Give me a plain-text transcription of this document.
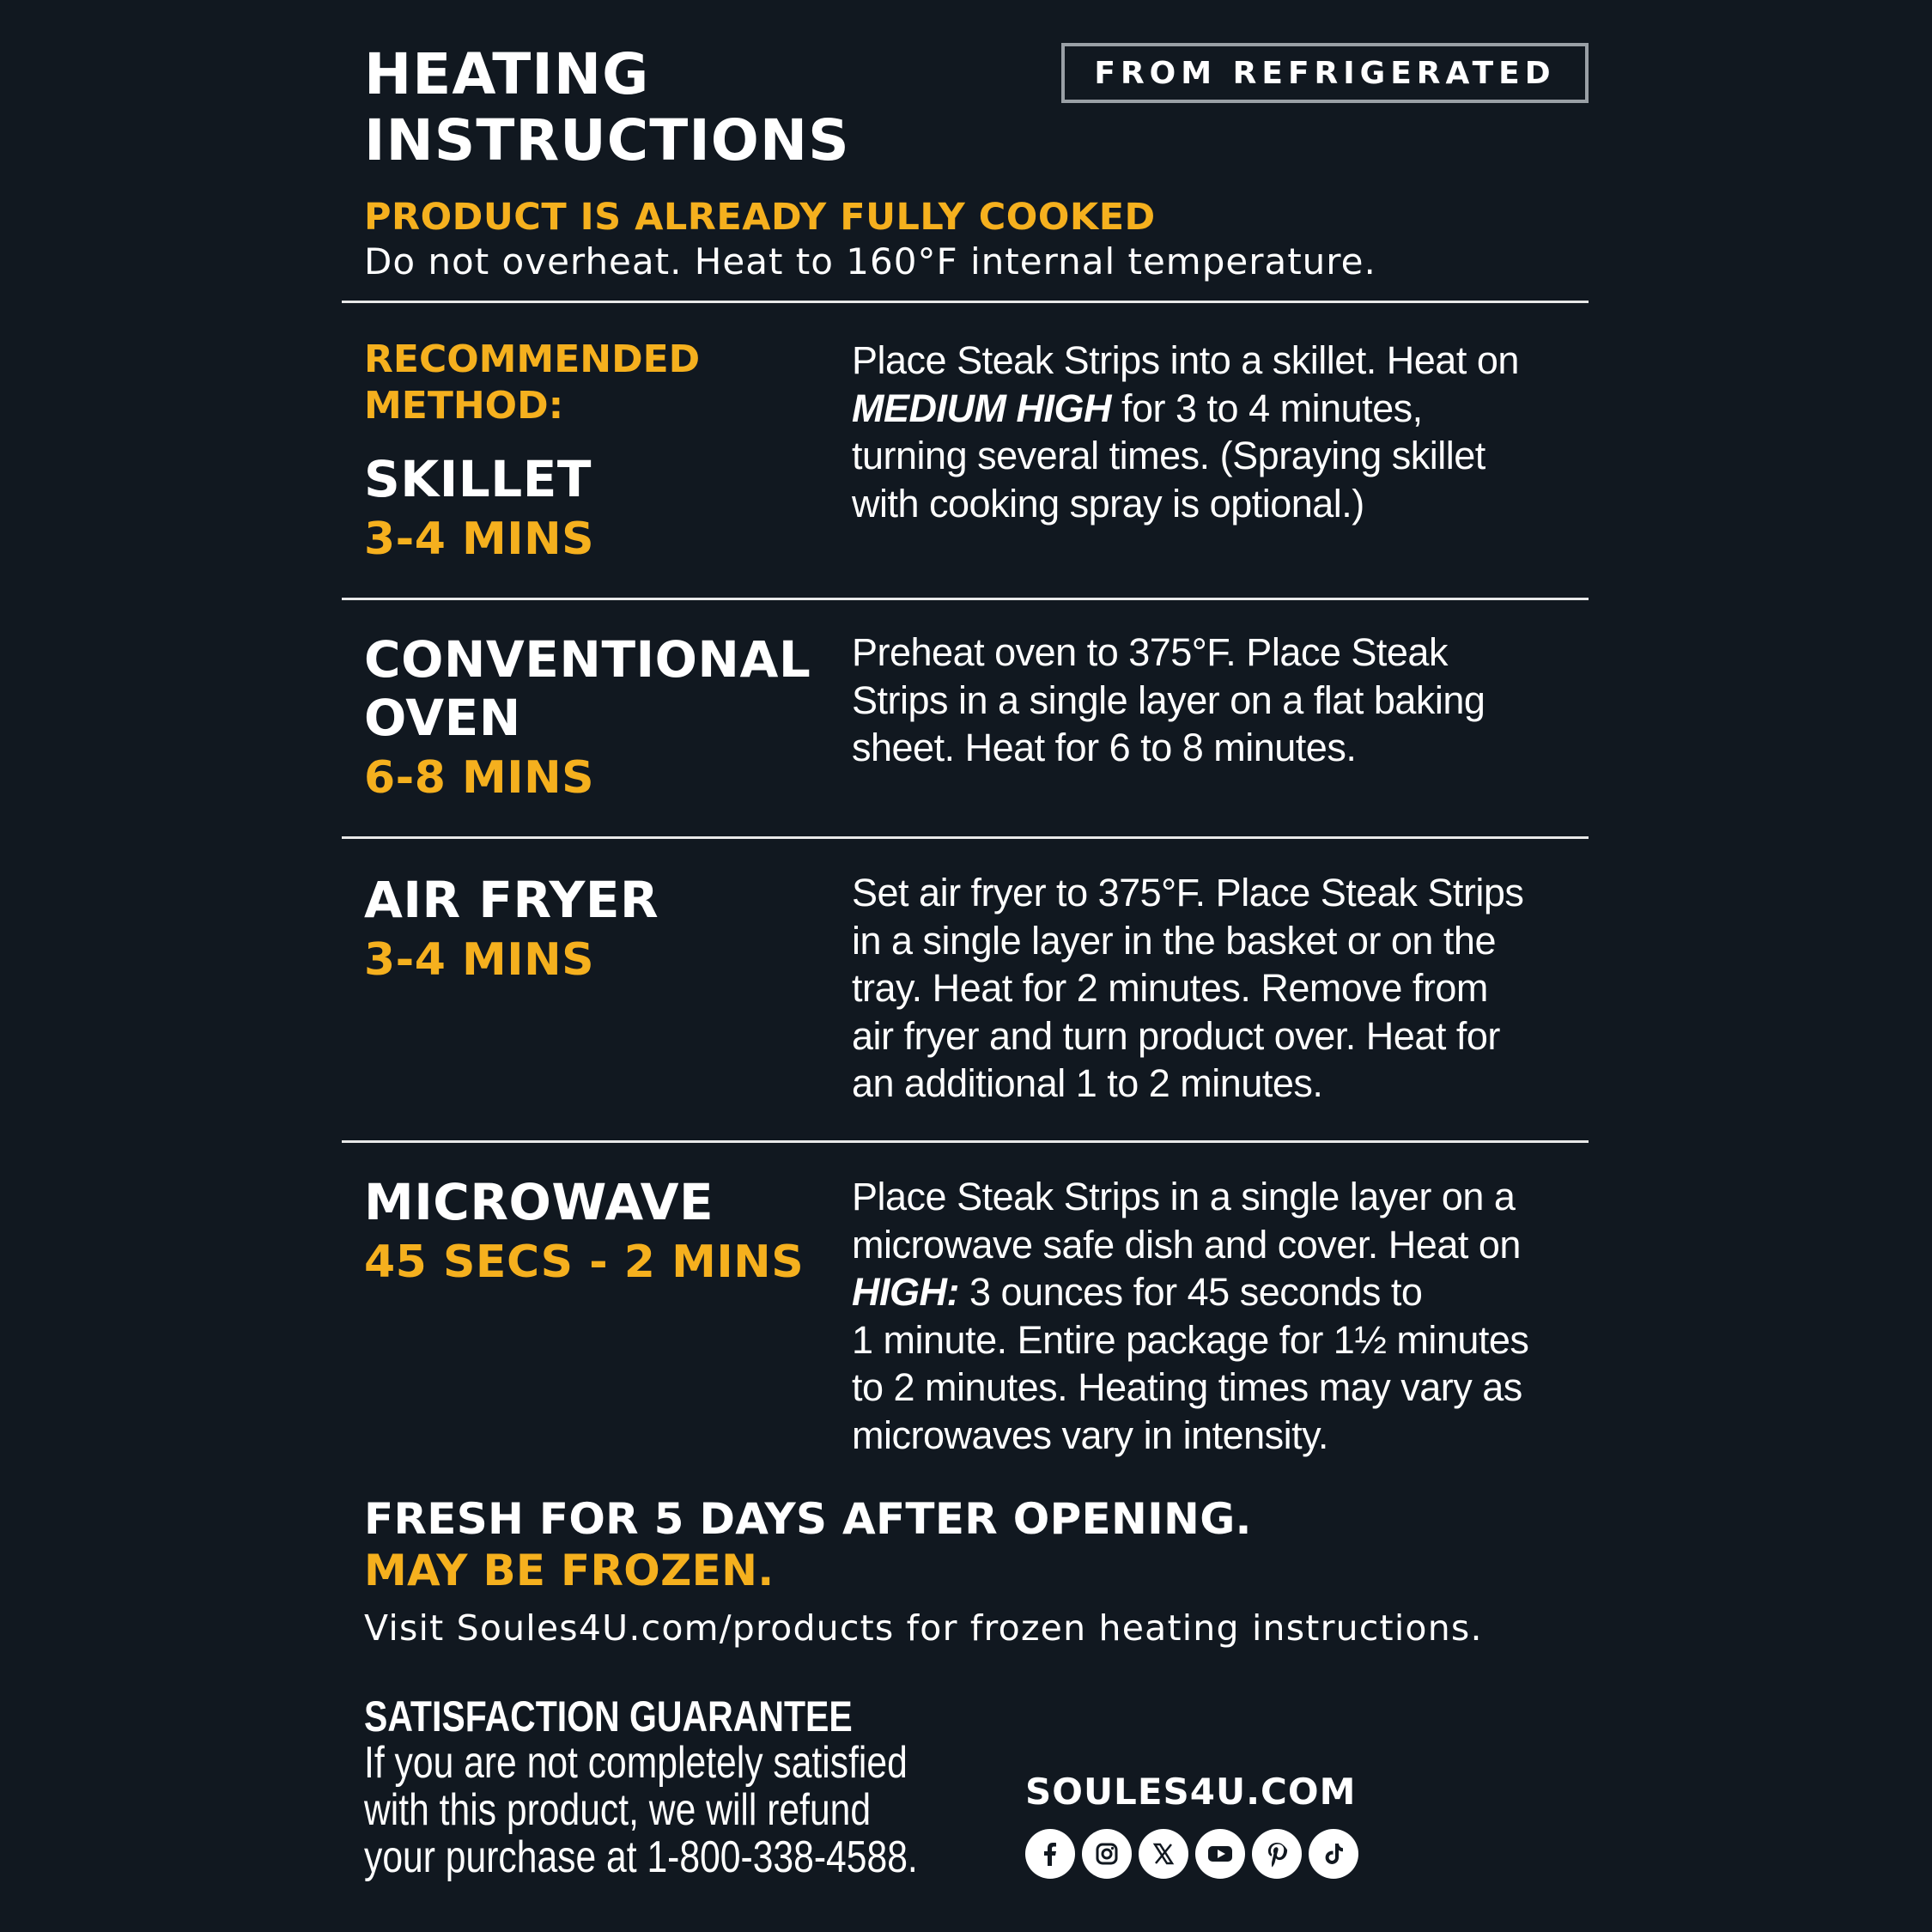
HEATING
INSTRUCTIONS
FROM REFRIGERATED
PRODUCT IS ALREADY FULLY COOKED
Do not overheat. Heat to 160°F internal temperature.
RECOMMENDED
METHOD:
SKILLET
3-4 MINS
Place Steak Strips into a skillet. Heat on
MEDIUM HIGH for 3 to 4 minutes,
turning several times. (Spraying skillet
with cooking spray is optional.)
CONVENTIONAL
OVEN
6-8 MINS
Preheat oven to 375°F. Place Steak
Strips in a single layer on a flat baking
sheet. Heat for 6 to 8 minutes.
AIR FRYER
3-4 MINS
Set air fryer to 375°F. Place Steak Strips
in a single layer in the basket or on the
tray. Heat for 2 minutes. Remove from
air fryer and turn product over. Heat for
an additional 1 to 2 minutes.
MICROWAVE
45 SECS - 2 MINS
Place Steak Strips in a single layer on a
microwave safe dish and cover. Heat on
HIGH: 3 ounces for 45 seconds to
1 minute. Entire package for 1½ minutes
to 2 minutes. Heating times may vary as
microwaves vary in intensity.
FRESH FOR 5 DAYS AFTER OPENING.
MAY BE FROZEN.
Visit Soules4U.com/products for frozen heating instructions.
SATISFACTION GUARANTEE
If you are not completely satisfied
with this product, we will refund
your purchase at 1-800-338-4588.
SOULES4U.COM
